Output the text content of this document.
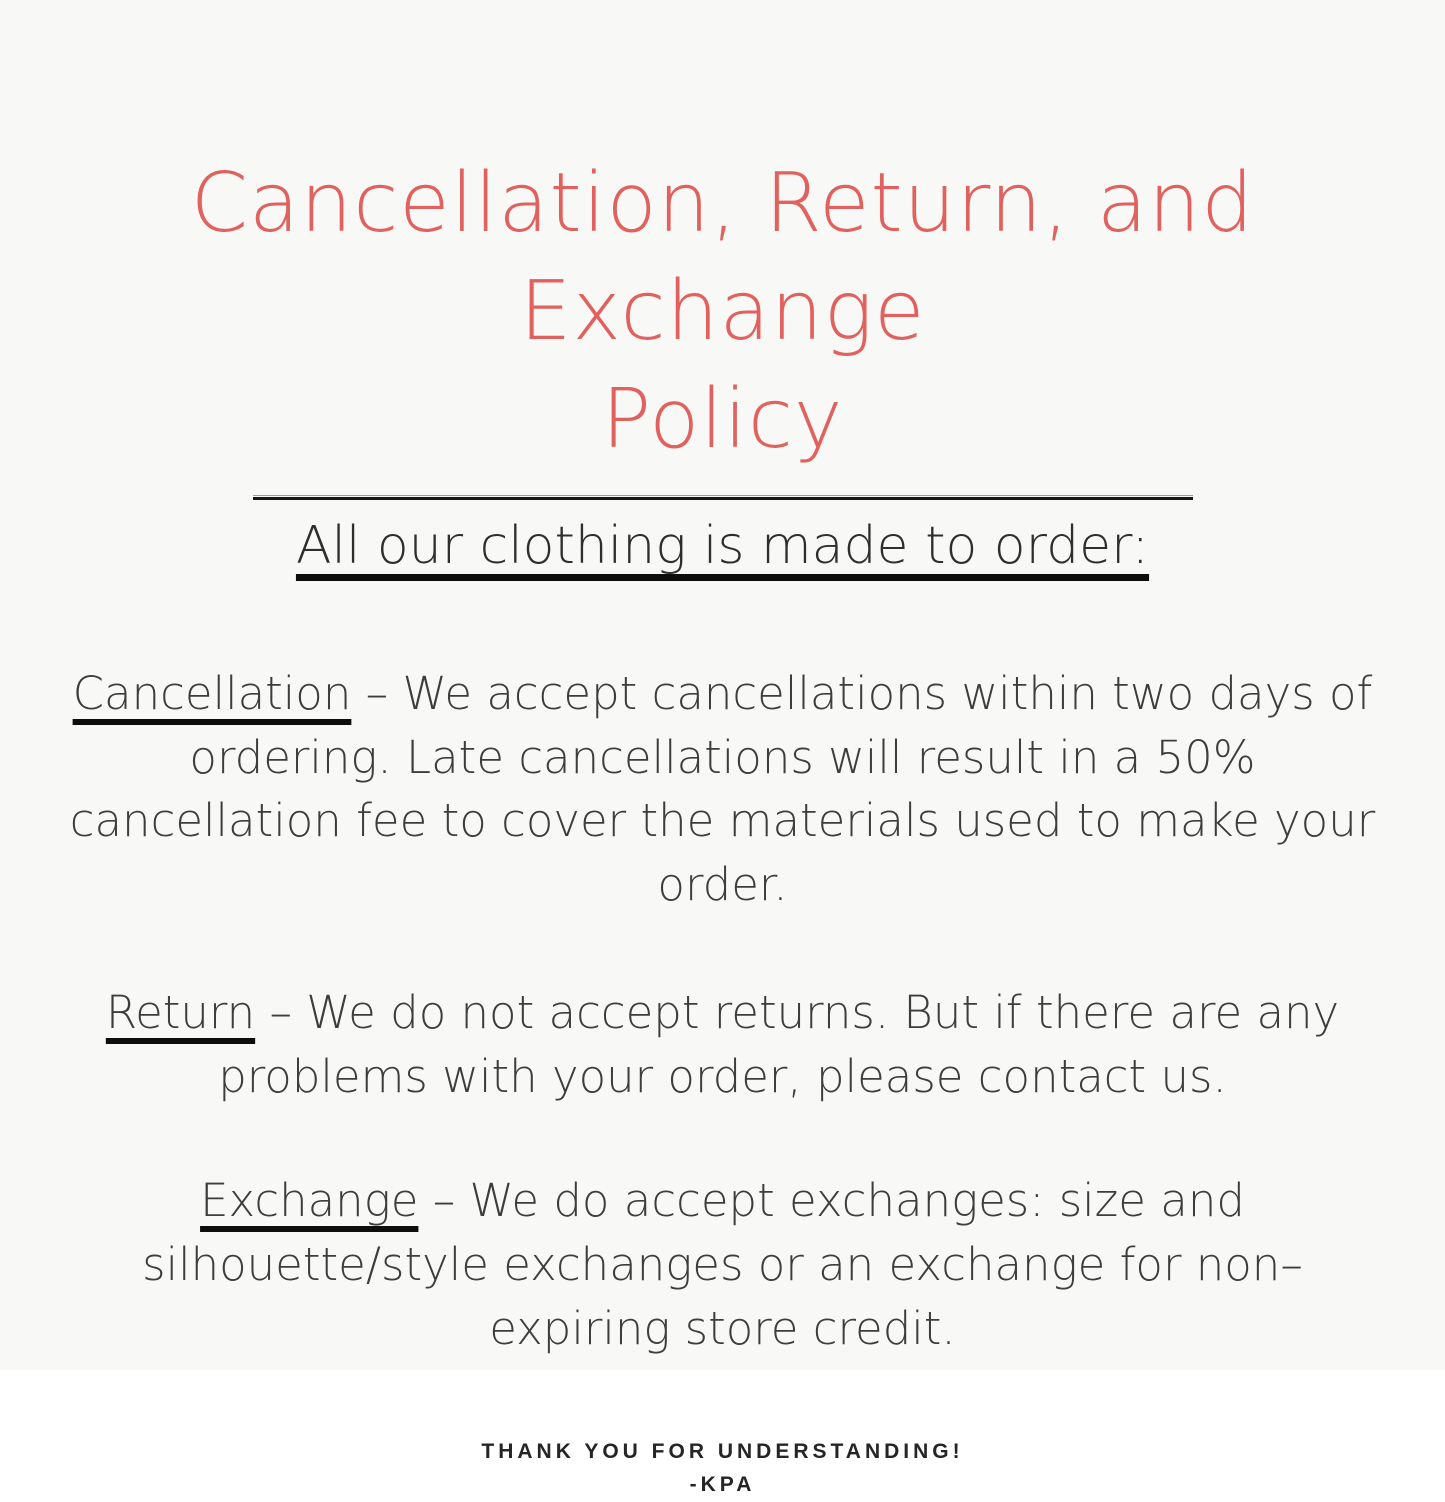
Cancellation, Return, and Exchange
Policy
All our clothing is made to order:

Cancellation – We accept cancellations within two days of ordering. Late cancellations will result in a 50% cancellation fee to cover the materials used to make your order.

Return – We do not accept returns. But if there are any problems with your order, please contact us.

Exchange – We do accept exchanges: size and silhouette/style exchanges or an exchange for non–expiring store credit.

THANK YOU FOR UNDERSTANDING!
-KPA
